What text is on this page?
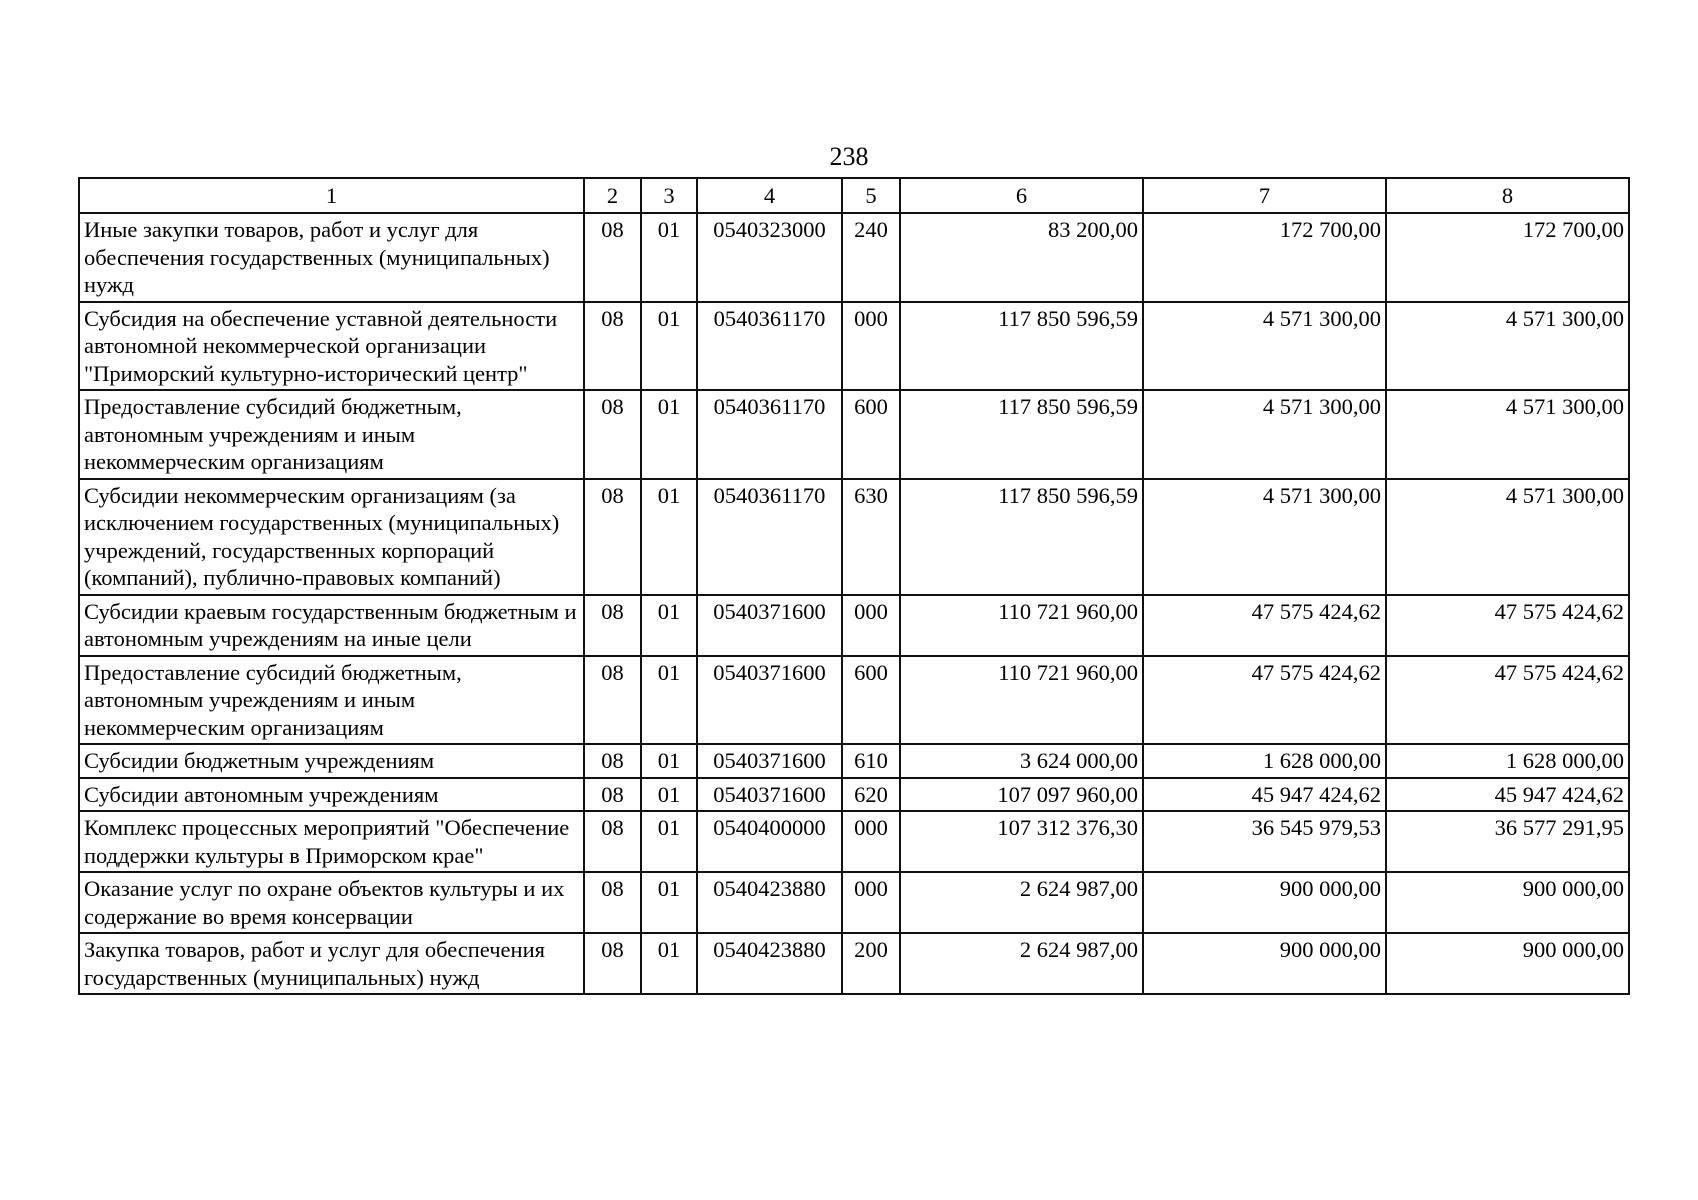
238
1	2	3	4	5	6	7	8
Иные закупки товаров, работ и услуг для обеспечения государственных (муниципальных) нужд	08	01	0540323000	240	83 200,00	172 700,00	172 700,00
Субсидия на обеспечение уставной деятельности автономной некоммерческой организации "Приморский культурно-исторический центр"	08	01	0540361170	000	117 850 596,59	4 571 300,00	4 571 300,00
Предоставление субсидий бюджетным, автономным учреждениям и иным некоммерческим организациям	08	01	0540361170	600	117 850 596,59	4 571 300,00	4 571 300,00
Субсидии некоммерческим организациям (за исключением государственных (муниципальных) учреждений, государственных корпораций (компаний), публично-правовых компаний)	08	01	0540361170	630	117 850 596,59	4 571 300,00	4 571 300,00
Субсидии краевым государственным бюджетным и автономным учреждениям на иные цели	08	01	0540371600	000	110 721 960,00	47 575 424,62	47 575 424,62
Предоставление субсидий бюджетным, автономным учреждениям и иным некоммерческим организациям	08	01	0540371600	600	110 721 960,00	47 575 424,62	47 575 424,62
Субсидии бюджетным учреждениям	08	01	0540371600	610	3 624 000,00	1 628 000,00	1 628 000,00
Субсидии автономным учреждениям	08	01	0540371600	620	107 097 960,00	45 947 424,62	45 947 424,62
Комплекс процессных мероприятий "Обеспечение поддержки культуры в Приморском крае"	08	01	0540400000	000	107 312 376,30	36 545 979,53	36 577 291,95
Оказание услуг по охране объектов культуры и их содержание во время консервации	08	01	0540423880	000	2 624 987,00	900 000,00	900 000,00
Закупка товаров, работ и услуг для обеспечения государственных (муниципальных) нужд	08	01	0540423880	200	2 624 987,00	900 000,00	900 000,00
